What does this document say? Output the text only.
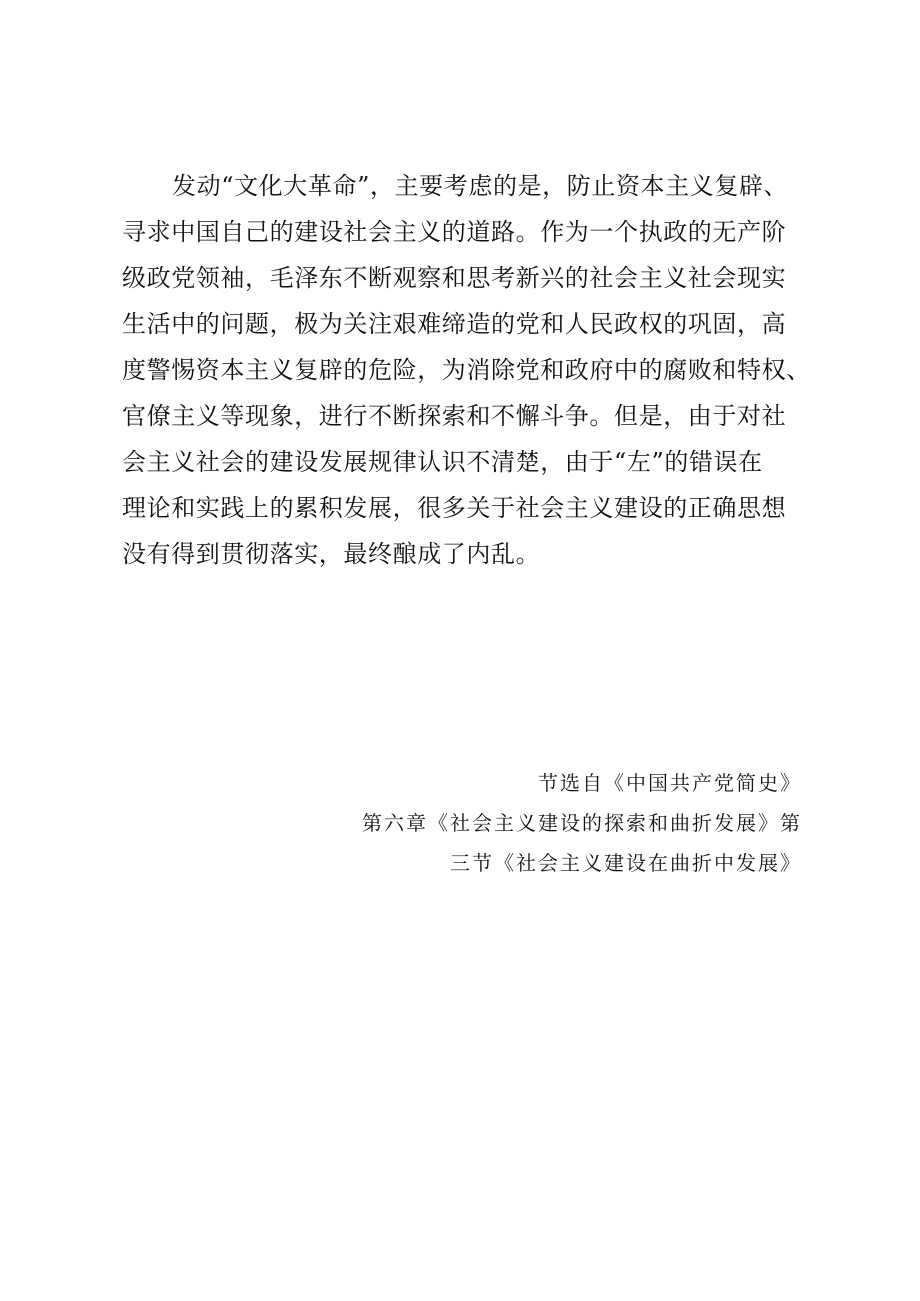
发动“文化大革命”，主要考虑的是，防止资本主义复辟、
寻求中国自己的建设社会主义的道路。作为一个执政的无产阶
级政党领袖，毛泽东不断观察和思考新兴的社会主义社会现实
生活中的问题，极为关注艰难缔造的党和人民政权的巩固，高
度警惕资本主义复辟的危险，为消除党和政府中的腐败和特权、
官僚主义等现象，进行不断探索和不懈斗争。但是，由于对社
会主义社会的建设发展规律认识不清楚，由于“左”的错误在
理论和实践上的累积发展，很多关于社会主义建设的正确思想
没有得到贯彻落实，最终酿成了内乱。
节选自《中国共产党简史》
第六章《社会主义建设的探索和曲折发展》第
三节《社会主义建设在曲折中发展》
